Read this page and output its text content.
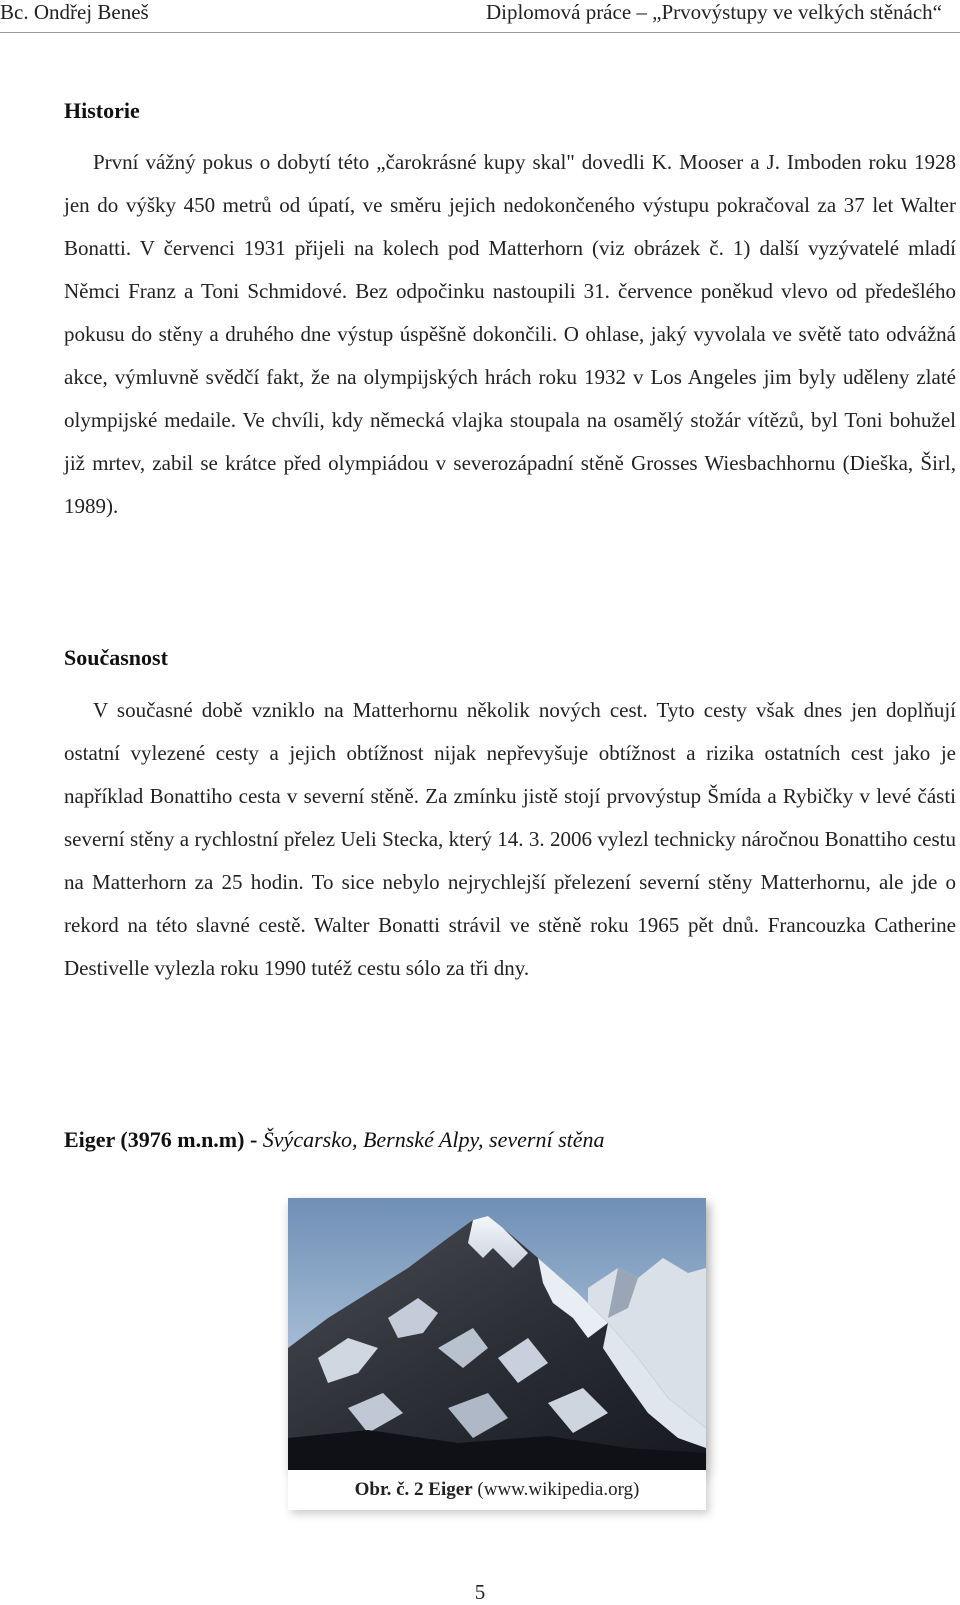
Bc. Ondřej Beneš	Diplomová práce – „Prvovýstupy ve velkých stěnách“
Historie

První vážný pokus o dobytí této „čarokrásné kupy skal" dovedli K. Mooser a J. Imboden roku 1928 jen do výšky 450 metrů od úpatí, ve směru jejich nedokončeného výstupu pokračoval za 37 let Walter Bonatti. V červenci 1931 přijeli na kolech pod Matterhorn (viz obrázek č. 1) další vyzývatelé mladí Němci Franz a Toni Schmidové. Bez odpočinku nastoupili 31. července poněkud vlevo od předešlého pokusu do stěny a druhého dne výstup úspěšně dokončili. O ohlase, jaký vyvolala ve světě tato odvážná akce, výmluvně svědčí fakt, že na olympijských hrách roku 1932 v Los Angeles jim byly uděleny zlaté olympijské medaile. Ve chvíli, kdy německá vlajka stoupala na osamělý stožár vítězů, byl Toni bohužel již mrtev, zabil se krátce před olympiádou v severozápadní stěně Grosses Wiesbachhornu (Dieška, Širl, 1989).

Současnost

V současné době vzniklo na Matterhornu několik nových cest. Tyto cesty však dnes jen doplňují ostatní vylezené cesty a jejich obtížnost nijak nepřevyšuje obtížnost a rizika ostatních cest jako je například Bonattiho cesta v severní stěně. Za zmínku jistě stojí prvovýstup Šmída a Rybičky v levé části severní stěny a rychlostní přelez Ueli Stecka, který 14. 3. 2006 vylezl technicky náročnou Bonattiho cestu na Matterhorn za 25 hodin. To sice nebylo nejrychlejší přelezení severní stěny Matterhornu, ale jde o rekord na této slavné cestě. Walter Bonatti strávil ve stěně roku 1965 pět dnů. Francouzka Catherine Destivelle vylezla roku 1990 tutéž cestu sólo za tři dny.

Eiger (3976 m.n.m) - Švýcarsko, Bernské Alpy, severní stěna
Obr. č. 2 Eiger (www.wikipedia.org)
5
